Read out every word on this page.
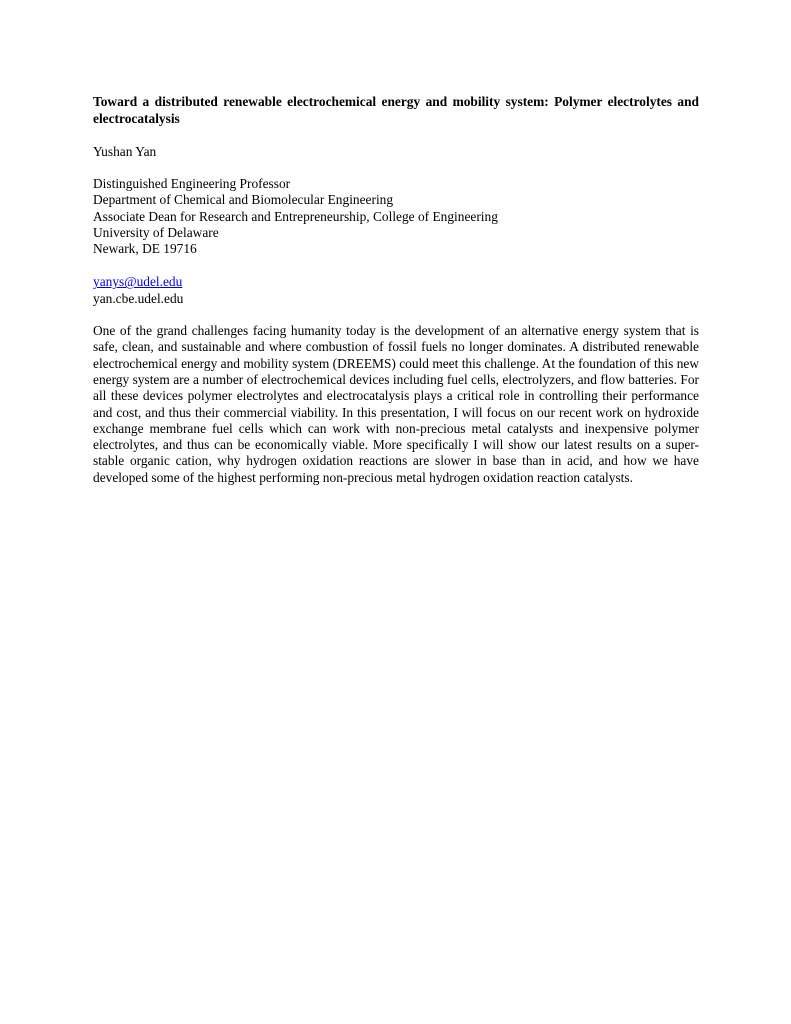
Toward a distributed renewable electrochemical energy and mobility system: Polymer electrolytes and electrocatalysis

Yushan Yan

Distinguished Engineering Professor
Department of Chemical and Biomolecular Engineering
Associate Dean for Research and Entrepreneurship, College of Engineering
University of Delaware
Newark, DE 19716
yanys@udel.edu
yan.cbe.udel.edu

One of the grand challenges facing humanity today is the development of an alternative energy system that is safe, clean, and sustainable and where combustion of fossil fuels no longer dominates. A distributed renewable electrochemical energy and mobility system (DREEMS) could meet this challenge. At the foundation of this new energy system are a number of electrochemical devices including fuel cells, electrolyzers, and flow batteries. For all these devices polymer electrolytes and electrocatalysis plays a critical role in controlling their performance and cost, and thus their commercial viability. In this presentation, I will focus on our recent work on hydroxide exchange membrane fuel cells which can work with non-precious metal catalysts and inexpensive polymer electrolytes, and thus can be economically viable. More specifically I will show our latest results on a super-stable organic cation, why hydrogen oxidation reactions are slower in base than in acid, and how we have developed some of the highest performing non-precious metal hydrogen oxidation reaction catalysts.
